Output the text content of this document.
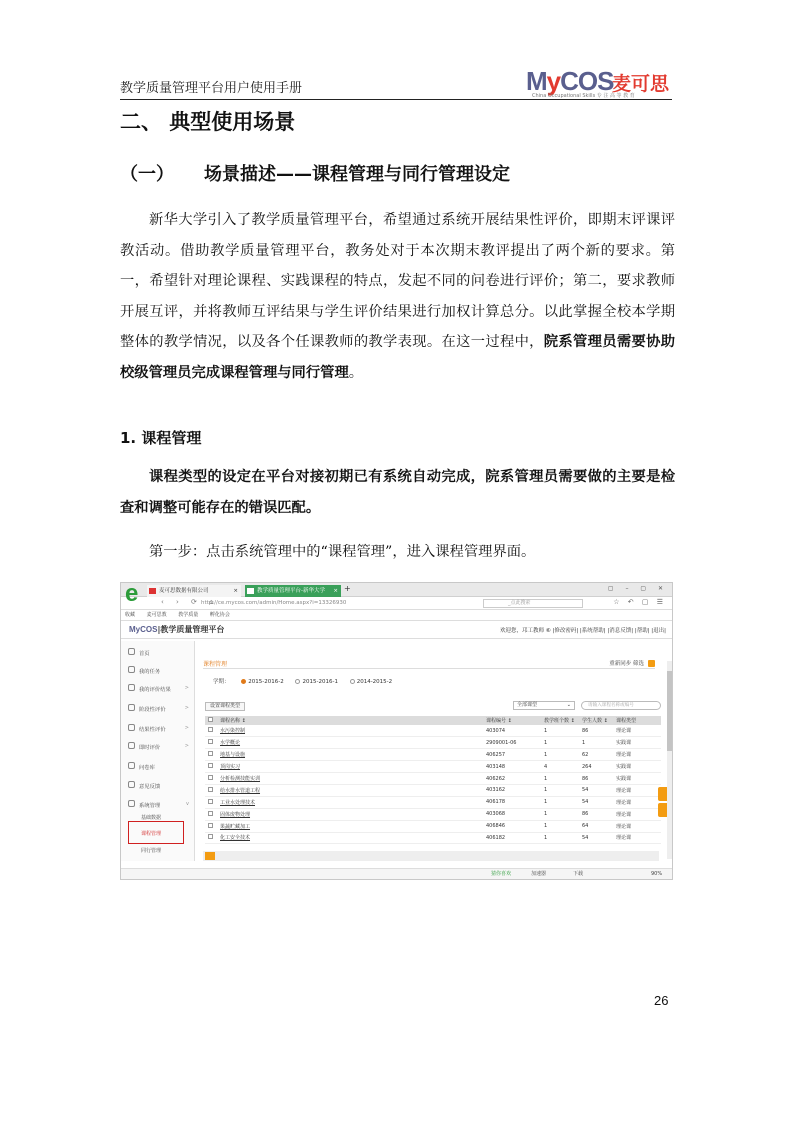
教学质量管理平台用户使用手册	MyCOS
麦可思
China Occupational Skills 专 注 高 等 教 育
二、 典型使用场景
（一） 场景描述——课程管理与同行管理设定

新华大学引入了教学质量管理平台，希望通过系统开展结果性评价，即期末评课评教活动。借助教学质量管理平台，教务处对于本次期末教评提出了两个新的要求。第一，希望针对理论课程、实践课程的特点，发起不同的问卷进行评价；第二，要求教师开展互评，并将教师互评结果与学生评价结果进行加权计算总分。以此掌握全校本学期整体的教学情况，以及各个任课教师的教学表现。在这一过程中，院系管理员需要协助校级管理员完成课程管理与同行管理。

1. 课程管理

课程类型的设定在平台对接初期已有系统自动完成，院系管理员需要做的主要是检查和调整可能存在的错误匹配。

第一步：点击系统管理中的“课程管理”，进入课程管理界面。

e	麦可思数据有限公司	×	教学质量管理平台-新华大学 × +	▢ – ▢ ✕
‹ › ⟳ ⌂
http://ce.mycos.com/admin/Home.aspx?i=13326930	_点此搜索	☆ ↶ ▢ ☰
收藏 麦可思教 教学质量 孵化协会
MyCOS|教学质量管理平台	欢迎您，邛工教师 ⑥ |修改密码| |系统帮助| |消息反馈| |帮助| |退出|
首页
我的任务
我的评价结果	>
阶段性评价	>
结果性评价	>
即时评价	>
问卷库
意见反馈
系统管理	v
基础数据
课程管理
同行管理
课程管理	重新同步 筛选
学期：	2015-2016-2	2015-2016-1	2014-2015-2
设置课程类型	全部课型	⌄	请输入课程名称或编号
	课程名称 ↕	课程编号 ↕	教学班个数 ↕	学生人数 ↕	课程类型
	水污染控制	403074	1	86	理论课
	水学概论	2909001-06	1	1	实践课
	地基与设施	406257	1	62	理论课
	顶岗实习	403148	4	264	实践课
	分析检测技能实训	406262	1	86	实践课
	给水排水管道工程	403162	1	54	理论课
	工业水处理技术	406178	1	54	理论课
	固体废物处理	403068	1	86	理论课
	果蔬贮藏加工	406846	1	64	理论课
	化工安全技术	406182	1	54	理论课
猜你喜欢	加速器	下载	90%
26
